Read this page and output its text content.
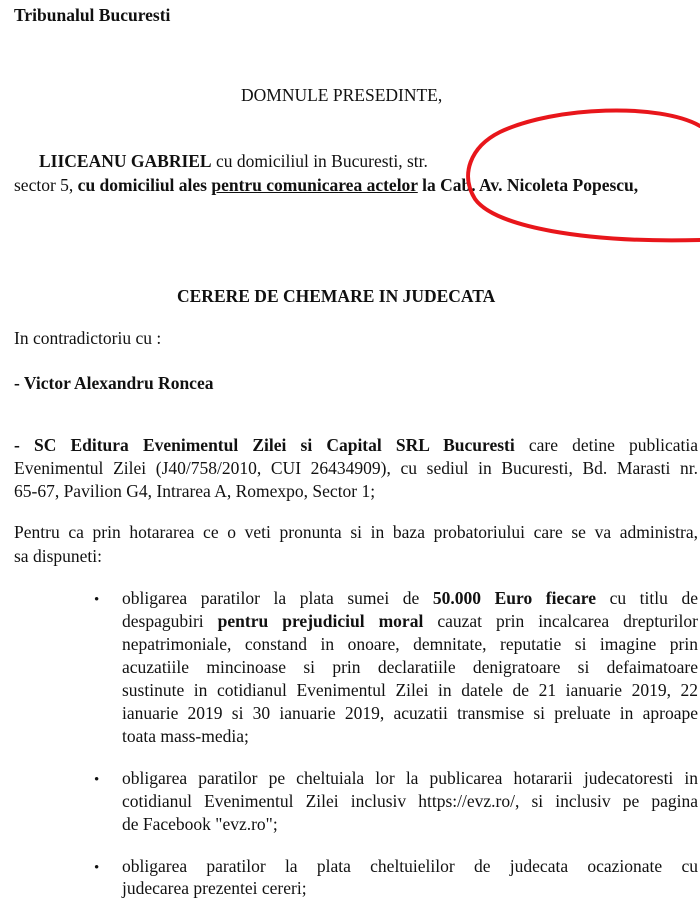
Tribunalul Bucuresti
DOMNULE PRESEDINTE,
LIICEANU GABRIEL cu domiciliul in Bucuresti, str.
sector 5, cu domiciliul ales pentru comunicarea actelor la Cab. Av. Nicoleta Popescu,
CERERE DE CHEMARE IN JUDECATA
In contradictoriu cu :
- Victor Alexandru Roncea
- SC Editura Evenimentul Zilei si Capital SRL Bucuresti care detine publicatia
Evenimentul Zilei (J40/758/2010, CUI 26434909), cu sediul in Bucuresti, Bd. Marasti nr.
65-67, Pavilion G4, Intrarea A, Romexpo, Sector 1;
Pentru ca prin hotararea ce o veti pronunta si in baza probatoriului care se va administra,
sa dispuneti:
• obligarea paratilor la plata sumei de 50.000 Euro fiecare cu titlu de
despagubiri pentru prejudiciul moral cauzat prin incalcarea drepturilor
nepatrimoniale, constand in onoare, demnitate, reputatie si imagine prin
acuzatiile mincinoase si prin declaratiile denigratoare si defaimatoare
sustinute in cotidianul Evenimentul Zilei in datele de 21 ianuarie 2019, 22
ianuarie 2019 si 30 ianuarie 2019, acuzatii transmise si preluate in aproape
toata mass-media;
• obligarea paratilor pe cheltuiala lor la publicarea hotararii judecatoresti in
cotidianul Evenimentul Zilei inclusiv https://evz.ro/, si inclusiv pe pagina
de Facebook "evz.ro";
• obligarea paratilor la plata cheltuielilor de judecata ocazionate cu
judecarea prezentei cereri;
